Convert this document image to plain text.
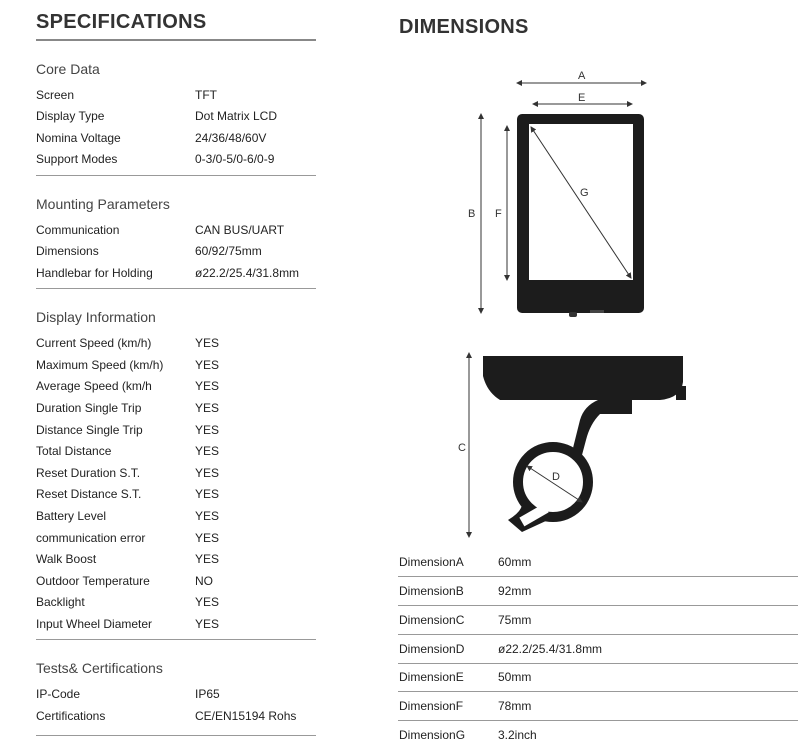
SPECIFICATIONS	DIMENSIONS
Core Data
Screen	TFT
Display Type	Dot Matrix LCD
Nomina Voltage	24/36/48/60V
Support Modes	0-3/0-5/0-6/0-9
Mounting Parameters
Communication	CAN BUS/UART
Dimensions	60/92/75mm
Handlebar for Holding	ø22.2/25.4/31.8mm
Display Information
Current Speed (km/h)	YES
Maximum Speed (km/h)	YES
Average Speed (km/h	YES
Duration Single Trip	YES
Distance Single Trip	YES
Total Distance	YES
Reset Duration S.T.	YES
Reset Distance S.T.	YES
Battery Level	YES
communication error	YES
Walk Boost	YES
Outdoor Temperature	NO
Backlight	YES
Input Wheel Diameter	YES
Tests& Certifications
IP-Code	IP65
Certifications	CE/EN15194 Rohs
A
E
B F
G
C
D
DimensionA	60mm
DimensionB	92mm
DimensionC	75mm
DimensionD	ø22.2/25.4/31.8mm
DimensionE	50mm
DimensionF	78mm
DimensionG	3.2inch
